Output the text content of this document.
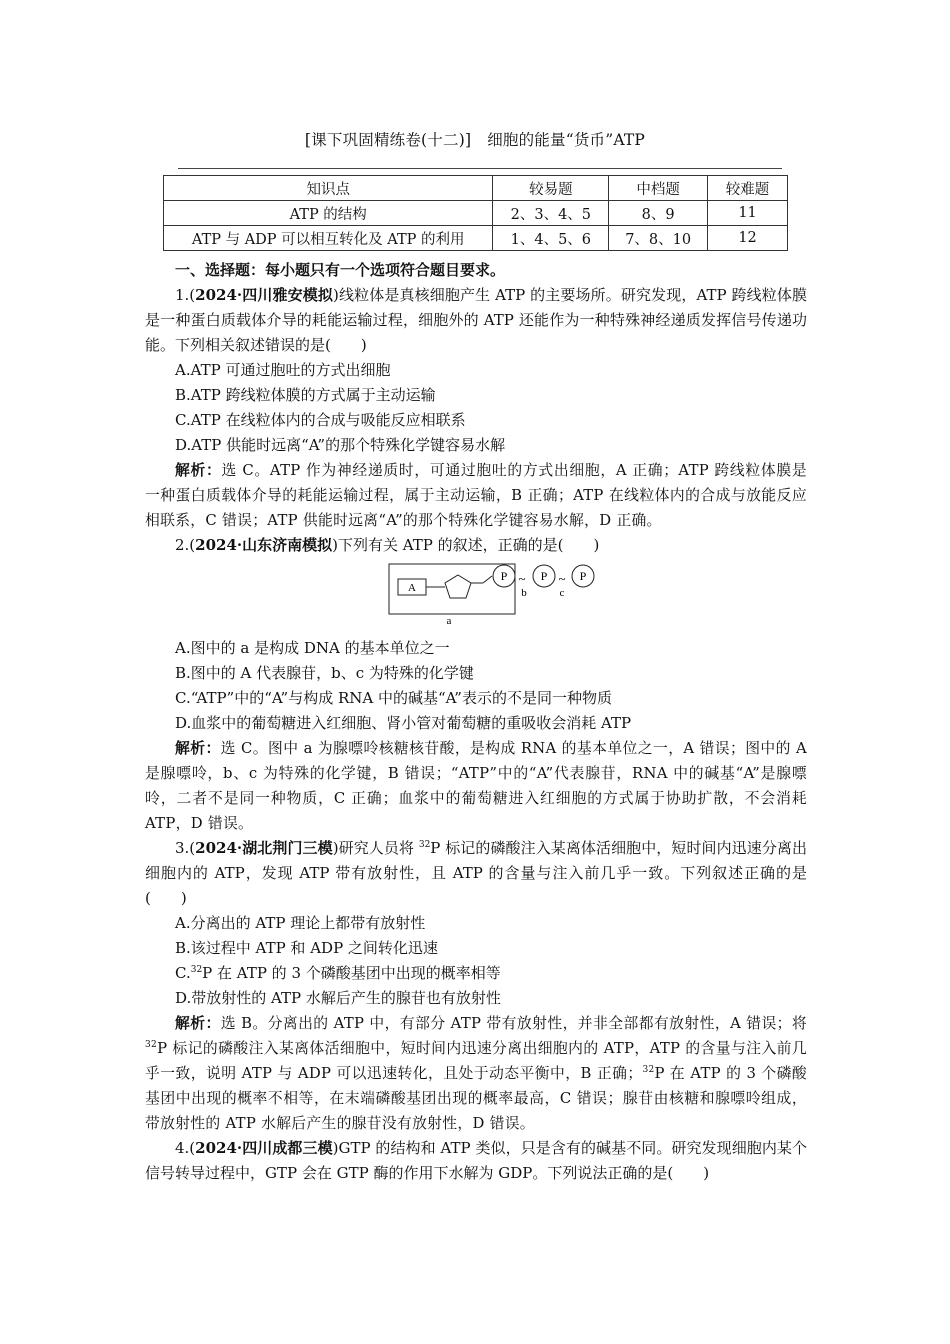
[课下巩固精练卷(十二)] 细胞的能量“货币”ATP
知识点	较易题	中档题	较难题
ATP 的结构	2、3、4、5	8、9	11
ATP 与 ADP 可以相互转化及 ATP 的利用	1、4、5、6	7、8、10	12

一、选择题：每小题只有一个选项符合题目要求。

1.(2024·四川雅安模拟)线粒体是真核细胞产生 ATP 的主要场所。研究发现，ATP 跨线粒体膜是一种蛋白质载体介导的耗能运输过程，细胞外的 ATP 还能作为一种特殊神经递质发挥信号传递功能。下列相关叙述错误的是(　　)

A.ATP 可通过胞吐的方式出细胞

B.ATP 跨线粒体膜的方式属于主动运输

C.ATP 在线粒体内的合成与吸能反应相联系

D.ATP 供能时远离“A”的那个特殊化学键容易水解

解析：选 C。ATP 作为神经递质时，可通过胞吐的方式出细胞，A 正确；ATP 跨线粒体膜是一种蛋白质载体介导的耗能运输过程，属于主动运输，B 正确；ATP 在线粒体内的合成与放能反应相联系，C 错误；ATP 供能时远离“A”的那个特殊化学键容易水解，D 正确。

2.(2024·山东济南模拟)下列有关 ATP 的叙述，正确的是(　　)

A
P ~
b
P ~
c
P
a

A.图中的 a 是构成 DNA 的基本单位之一

B.图中的 A 代表腺苷，b、c 为特殊的化学键

C.“ATP”中的“A”与构成 RNA 中的碱基“A”表示的不是同一种物质

D.血浆中的葡萄糖进入红细胞、肾小管对葡萄糖的重吸收会消耗 ATP

解析：选 C。图中 a 为腺嘌呤核糖核苷酸，是构成 RNA 的基本单位之一，A 错误；图中的 A 是腺嘌呤，b、c 为特殊的化学键，B 错误；“ATP”中的“A”代表腺苷，RNA 中的碱基“A”是腺嘌呤，二者不是同一种物质，C 正确；血浆中的葡萄糖进入红细胞的方式属于协助扩散，不会消耗 ATP，D 错误。

3.(2024·湖北荆门三模)研究人员将 $^{32}$P 标记的磷酸注入某离体活细胞中，短时间内迅速分离出细胞内的 ATP，发现 ATP 带有放射性，且 ATP 的含量与注入前几乎一致。下列叙述正确的是(　　)

A.分离出的 ATP 理论上都带有放射性

B.该过程中 ATP 和 ADP 之间转化迅速

C.$^{32}$P 在 ATP 的 3 个磷酸基团中出现的概率相等

D.带放射性的 ATP 水解后产生的腺苷也有放射性

解析：选 B。分离出的 ATP 中，有部分 ATP 带有放射性，并非全部都有放射性，A 错误；将 $^{32}$P 标记的磷酸注入某离体活细胞中，短时间内迅速分离出细胞内的 ATP，ATP 的含量与注入前几乎一致，说明 ATP 与 ADP 可以迅速转化，且处于动态平衡中，B 正确；$^{32}$P 在 ATP 的 3 个磷酸基团中出现的概率不相等，在末端磷酸基团出现的概率最高，C 错误；腺苷由核糖和腺嘌呤组成，带放射性的 ATP 水解后产生的腺苷没有放射性，D 错误。

4.(2024·四川成都三模)GTP 的结构和 ATP 类似，只是含有的碱基不同。研究发现细胞内某个信号转导过程中，GTP 会在 GTP 酶的作用下水解为 GDP。下列说法正确的是(　　)
